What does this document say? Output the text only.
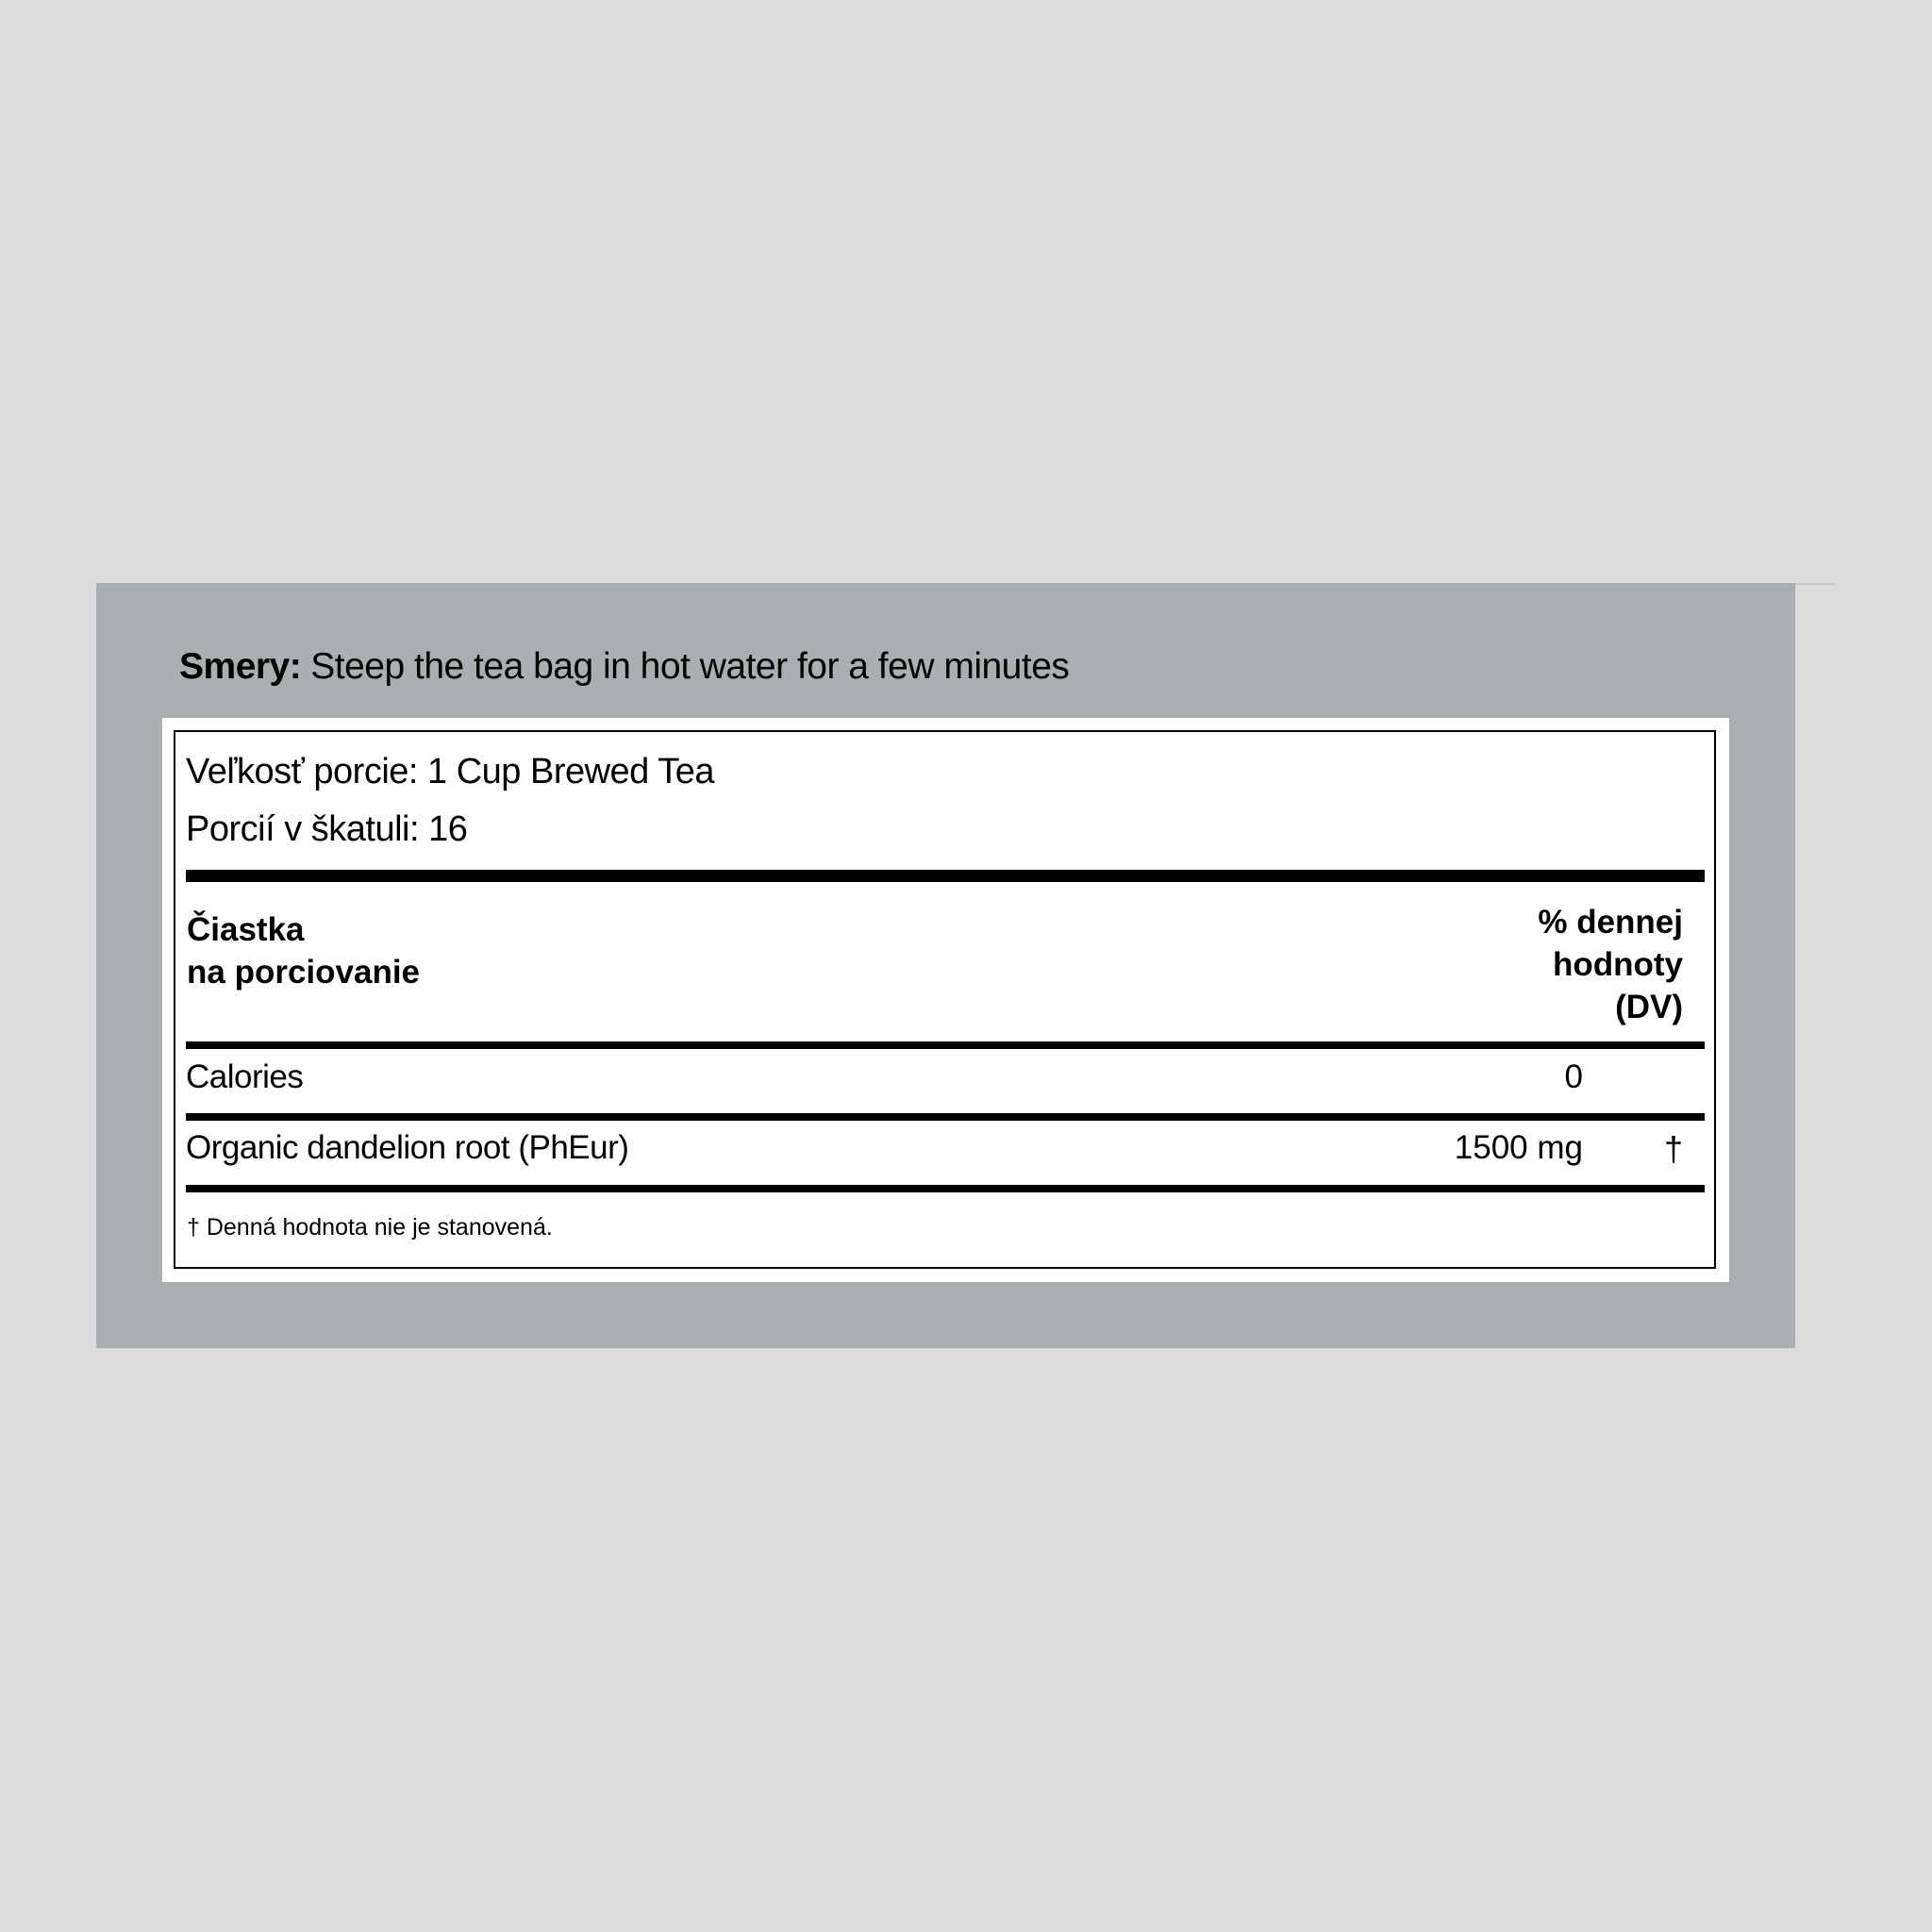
Smery: Steep the tea bag in hot water for a few minutes
Veľkosť porcie: 1 Cup Brewed Tea
Porcií v škatuli: 16
Čiastka
na porciovanie
% dennej
hodnoty
(DV)
Calories	0
Organic dandelion root (PhEur)	1500 mg †
† Denná hodnota nie je stanovená.
